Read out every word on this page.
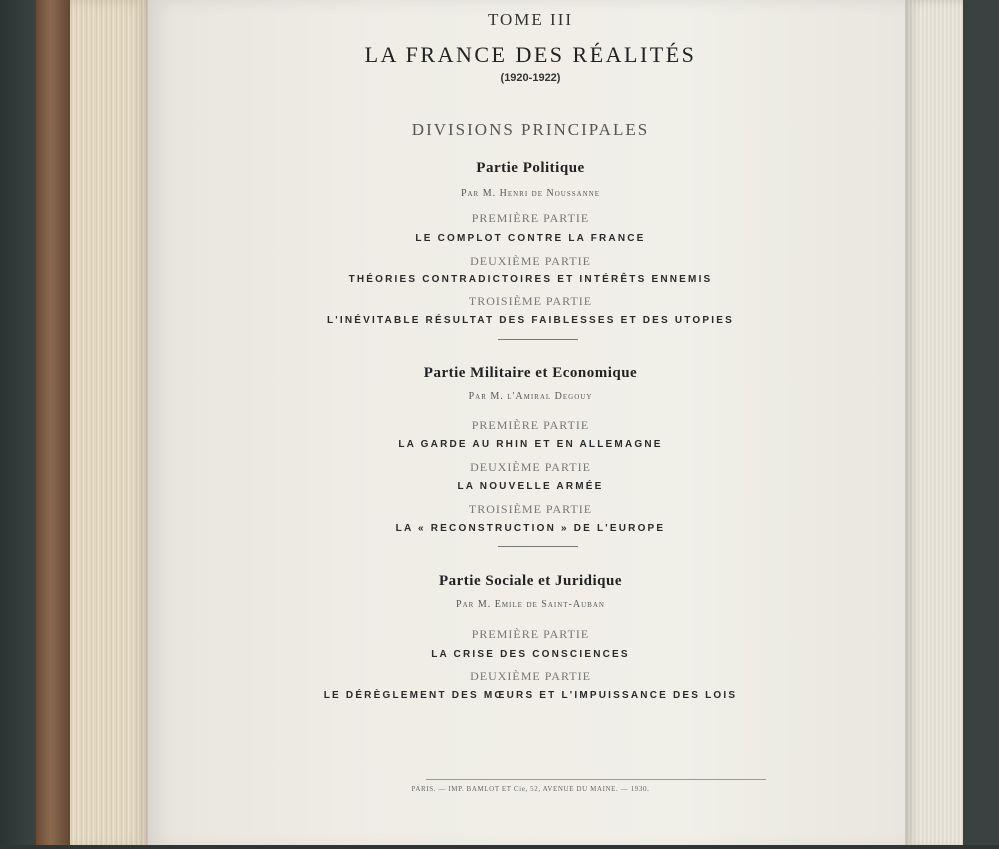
TOME III
LA FRANCE DES RÉALITÉS
(1920-1922)
DIVISIONS PRINCIPALES
Partie Politique
Par M. Henri de Noussanne
PREMIÈRE PARTIE
LE COMPLOT CONTRE LA FRANCE
DEUXIÈME PARTIE
THÉORIES CONTRADICTOIRES ET INTÉRÊTS ENNEMIS
TROISIÈME PARTIE
L'INÉVITABLE RÉSULTAT DES FAIBLESSES ET DES UTOPIES
Partie Militaire et Economique
Par M. l'Amiral Degouy
PREMIÈRE PARTIE
LA GARDE AU RHIN ET EN ALLEMAGNE
DEUXIÈME PARTIE
LA NOUVELLE ARMÉE
TROISIÈME PARTIE
LA « RECONSTRUCTION » DE L'EUROPE
Partie Sociale et Juridique
Par M. Emile de Saint-Auban
PREMIÈRE PARTIE
LA CRISE DES CONSCIENCES
DEUXIÈME PARTIE
LE DÉRÈGLEMENT DES MŒURS ET L'IMPUISSANCE DES LOIS
PARIS. — IMP. BAMLOT ET Cie, 52, AVENUE DU MAINE. — 1930.
